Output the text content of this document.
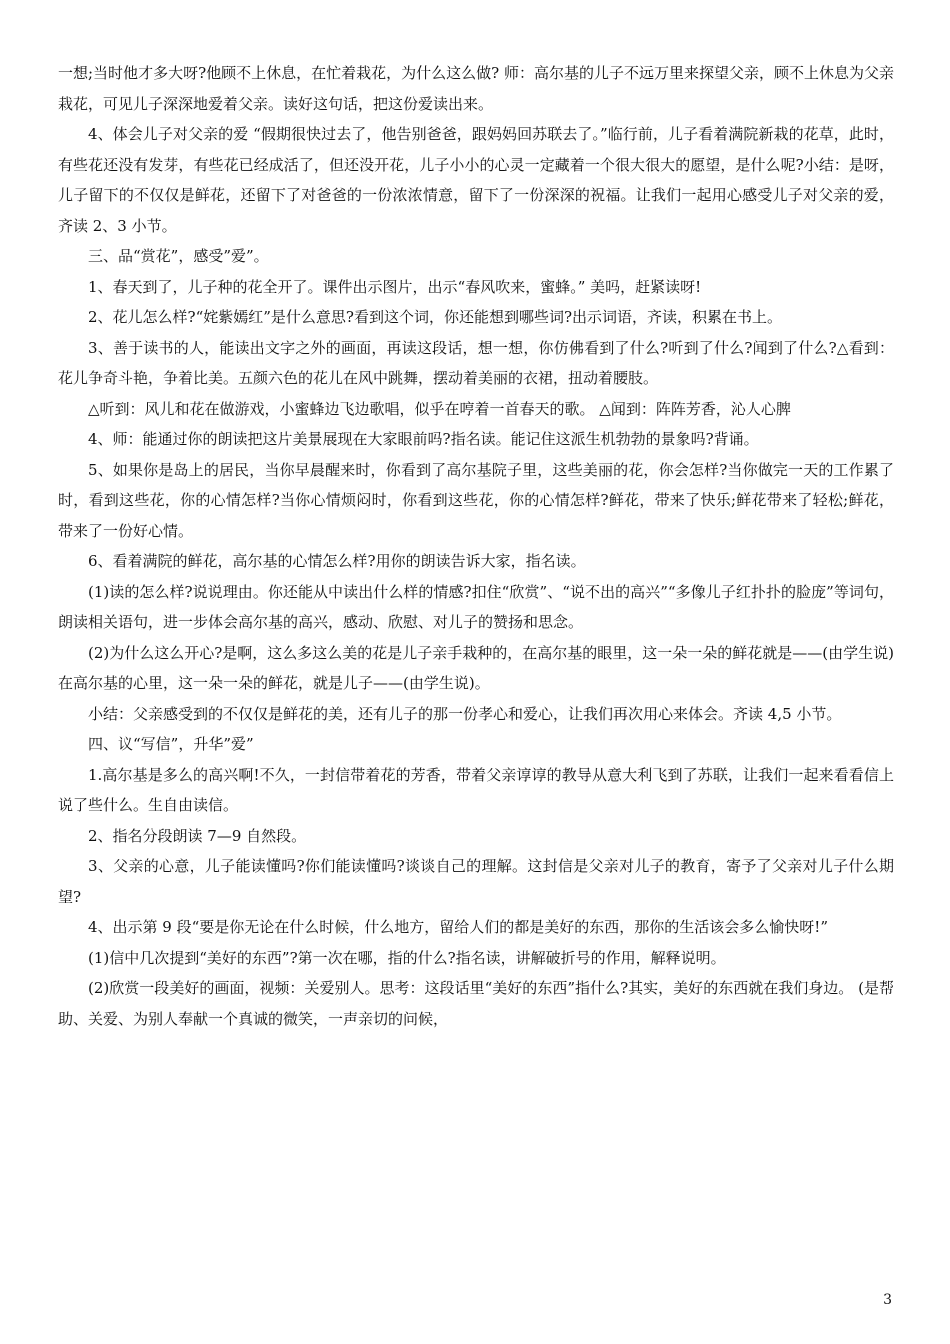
一想;当时他才多大呀?他顾不上休息，在忙着栽花，为什么这么做? 师：高尔基的儿子不远万里来探望父亲，顾不上休息为父亲栽花，可见儿子深深地爱着父亲。读好这句话，把这份爱读出来。

4、体会儿子对父亲的爱 “假期很快过去了，他告别爸爸，跟妈妈回苏联去了。”临行前，儿子看着满院新栽的花草，此时，有些花还没有发芽，有些花已经成活了，但还没开花，儿子小小的心灵一定藏着一个很大很大的愿望，是什么呢?小结：是呀，儿子留下的不仅仅是鲜花，还留下了对爸爸的一份浓浓情意，留下了一份深深的祝福。让我们一起用心感受儿子对父亲的爱，齐读 2、3 小节。

三、品“赏花”，感受”爱”。

1、春天到了，儿子种的花全开了。课件出示图片，出示“春风吹来，蜜蜂。” 美吗，赶紧读呀!

2、花儿怎么样?“姹紫嫣红”是什么意思?看到这个词，你还能想到哪些词?出示词语，齐读，积累在书上。

3、善于读书的人，能读出文字之外的画面，再读这段话，想一想，你仿佛看到了什么?听到了什么?闻到了什么?△看到：花儿争奇斗艳，争着比美。五颜六色的花儿在风中跳舞，摆动着美丽的衣裙，扭动着腰肢。

△听到：风儿和花在做游戏，小蜜蜂边飞边歌唱，似乎在哼着一首春天的歌。 △闻到：阵阵芳香，沁人心脾

4、师：能通过你的朗读把这片美景展现在大家眼前吗?指名读。能记住这派生机勃勃的景象吗?背诵。

5、如果你是岛上的居民，当你早晨醒来时，你看到了高尔基院子里，这些美丽的花，你会怎样?当你做完一天的工作累了时，看到这些花，你的心情怎样?当你心情烦闷时，你看到这些花，你的心情怎样?鲜花，带来了快乐;鲜花带来了轻松;鲜花，带来了一份好心情。

6、看着满院的鲜花，高尔基的心情怎么样?用你的朗读告诉大家，指名读。

(1)读的怎么样?说说理由。你还能从中读出什么样的情感?扣住“欣赏”、“说不出的高兴”“多像儿子红扑扑的脸庞”等词句，朗读相关语句，进一步体会高尔基的高兴，感动、欣慰、对儿子的赞扬和思念。

(2)为什么这么开心?是啊，这么多这么美的花是儿子亲手栽种的，在高尔基的眼里，这一朵一朵的鲜花就是——(由学生说)在高尔基的心里，这一朵一朵的鲜花，就是儿子——(由学生说)。

小结：父亲感受到的不仅仅是鲜花的美，还有儿子的那一份孝心和爱心，让我们再次用心来体会。齐读 4,5 小节。

四、议“写信”，升华”爱”

1.高尔基是多么的高兴啊!不久，一封信带着花的芳香，带着父亲谆谆的教导从意大利飞到了苏联，让我们一起来看看信上说了些什么。生自由读信。

2、指名分段朗读 7—9 自然段。

3、父亲的心意，儿子能读懂吗?你们能读懂吗?谈谈自己的理解。这封信是父亲对儿子的教育，寄予了父亲对儿子什么期望?

4、出示第 9 段“要是你无论在什么时候，什么地方，留给人们的都是美好的东西，那你的生活该会多么愉快呀!”

(1)信中几次提到“美好的东西”?第一次在哪，指的什么?指名读，讲解破折号的作用，解释说明。

(2)欣赏一段美好的画面，视频：关爱别人。思考：这段话里“美好的东西”指什么?其实，美好的东西就在我们身边。 (是帮助、关爱、为别人奉献一个真诚的微笑，一声亲切的问候，

3
